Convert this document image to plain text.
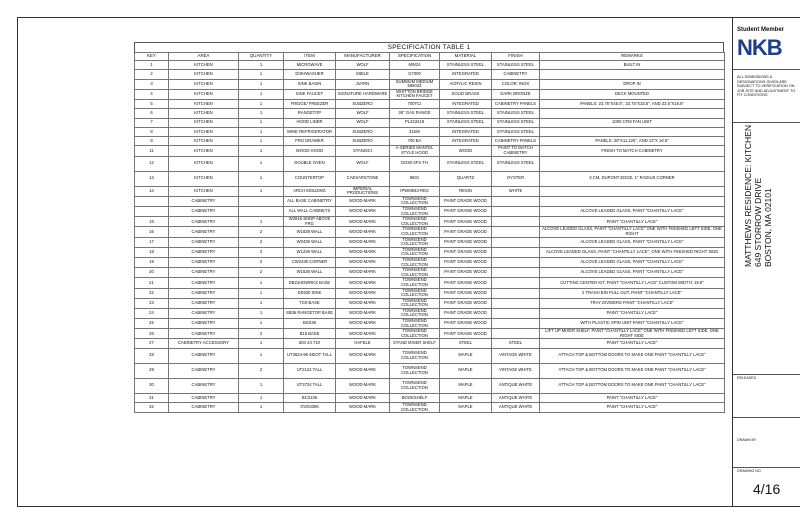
SPECIFICATION TABLE 1
KEY	AREA	QUANTITY	ITEM	MANUFACTURER	SPECIFICATION	MATERIAL	FINISH	REMARKS
1	KITCHEN	1	MICROWAVE	WOLF	MW24	STAINLESS STEEL	STAINLESS STEEL	BUILT IN
2	KITCHEN	1	DISHWASHER	MIELE	G7300	INTEGRATED	CABINETRY	
3	KITCHEN	1	SINK BASIN	JVARN	SUMMUM MEDIUM 565043	ACRYLIC RESIN	COLOR: INOX	DROP IN
4	KITCHEN	1	SINK FAUCET	SIGNATURE HARDWARE	WHITTON BRIDGE KITCHEN FAUCET	SOLID BRASS	DARK BRONZE	DECK MOUNTED
5	KITCHEN	1	FRIDGE/ FREEZER	SUBZERO	700TCI	INTEGRATED	CABINETRY PANELS	PANELS: 23.75"X45.5", 23.75"X33.5", AND 23.5"X16.6"
6	KITCHEN	1	RANGETOP	WOLF	36" GAS RANGE	STAINLESS STEEL	STAINLESS STEEL	
7	KITCHEN	1	HOOD LINER	WOLF	PL343418	STAINLESS STEEL	STAINLESS STEEL	1000 CFM FAN UNIT
8	KITCHEN	1	WINE REFRIGERATOR	SUBZERO	315W	INTEGRATED	STAINLESS STEEL	
9	KITCHEN	1	FRG DRAWER	SUBZERO	700 BA	INTEGRATED	CABINETRY PANELS	PANELS: 26"X11.125", AND 13"X 16.5"
11	KITCHEN	1	WOOD HOOD	STANISCI	A-SERIES MANTEL STYLE HOOD	WOOD	PAINT TO MATCH CABINETRY	FINISH TO MATCH CABINETRY
12	KITCHEN	1	DOUBLE OVEN	WOLF	DO30-2FS-TH	STAINLESS STEEL	STAINLESS STEEL	
13	KITCHEN	1	COUNTERTOP	CAESARSTONE	9601	QUARTZ	OYSTER	3 CM, DUPONT EDGE, 1" RADIUS CORNER
14	KITCHEN	1	ARCH MOLDING	IMPERIAL PRODUCTIONS	IPWM943-RES	RESIN	WHITE	
	CABINETRY		ALL BASE CABINETRY	WOOD-MARK	TOWNSEND COLLECTION	PAINT GRADE WOOD		
	CABINETRY		ALL WALL CABINETS	WOOD-MARK	TOWNSEND COLLECTION	PAINT GRADE WOOD		ALCOVE LEADED GLASS, PAINT "CHANTILLY LACE"
15	CABINETRY	1	W3915-SHDP ABOVE FRG	WOOD-MARK	TOWNSEND COLLECTION	PAINT GRADE WOOD		PAINT "CHANTILLY LACE"
16	CABINETRY	2	W1836 WALL	WOOD-MARK	TOWNSEND COLLECTION	PAINT GRADE WOOD		ALCOVE LEADED GLASS, PAINT "CHANTILLY LACE" ONE WITH FINISHED LEFT SIDE, ONE RIGHT
17	CABINETRY	2	W0436 WALL	WOOD-MARK	TOWNSEND COLLECTION	PAINT GRADE WOOD		ALCOVE LEADED GLASS, PAINT "CHANTILLY LACE"
18	CABINETRY	2	W1236 WALL	WOOD-MARK	TOWNSEND COLLECTION	PAINT GRADE WOOD		ALCOVE LEADED GLASS, PAINT "CHANTILLY LACE", ONE WITH FINISHED RIGHT SIDE
19	CABINETRY	2	CW2436 CORNER	WOOD-MARK	TOWNSEND COLLECTION	PAINT GRADE WOOD		ALCOVE LEADED GLASS, PAINT "CHANTILLY LACE"
20	CABINETRY	2	W1536 WALL	WOOD-MARK	TOWNSEND COLLECTION	PAINT GRADE WOOD		ALCOVE LEADED GLASS, PAINT "CHANTILLY LACE"
21	CABINETRY	1	DB21HDWRKS BASE	WOOD-MARK	TOWNSEND COLLECTION	PAINT GRADE WOOD		CUTTING CENTER KIT, PAINT "CHANTILLY LACE" CUSTOM WIDTH: 19.5"
22	CABINETRY	1	DS530 SINK	WOOD-MARK	TOWNSEND COLLECTION	PAINT GRADE WOOD		2 TRASH BIN PULL OUT, PAINT "CHANTILLY LACE"
23	CABINETRY	1	TG9 BASE	WOOD-MARK	TOWNSEND COLLECTION	PAINT GRADE WOOD		TRAY DIVIDERS PAINT "CHANTILLY LACE"
24	CABINETRY	1	SB36 RANGETOP BASE	WOOD-MARK	TOWNSEND COLLECTION	PAINT GRADE WOOD		PAINT "CHANTILLY LACE"
25	CABINETRY	1	BSS36	WOOD-MARK	TOWNSEND COLLECTION	PAINT GRADE WOOD		WITH PLASTIC SPIN UNIT PAINT "CHANTILLY LACE"
26	CABINETRY	2	B15 BASE	WOOD-MARK	TOWNSEND COLLECTION	PAINT GRADE WOOD		LIFT UP MIXER SHELF, PAINT "CHANTILLY LACE" ONE WITH FINISHED LEFT SIDE, ONE RIGHT SIDE
27	CABINETRY ACCESSORY	1	504 24 710	HAFELE	STAND MIXER SHELF	STEEL	STEEL	PAINT "CHANTILLY LACE"
28	CABINETRY	1	UT3624-96 4EIOT TALL	WOOD-MARK	TOWNSEND COLLECTION	MAPLE	VINTAGE WHITE	ATTACH TOP & BOTTOM DOORS TO MAKE ONE PAINT "CHANTILLY LACE"
29	CABINETRY	2	UT2124 TALL	WOOD-MARK	TOWNSEND COLLECTION	MAPLE	VINTAGE WHITE	ATTACH TOP & BOTTOM DOORS TO MAKE ONE PAINT "CHANTILLY LACE"
30	CABINETRY	1	UT3724 TALL	WOOD-MARK	TOWNSEND COLLECTION	MAPLE	ANTIQUE WHITE	ATTACH TOP & BOTTOM DOORS TO MAKE ONE PAINT "CHANTILLY LACE"
31	CABINETRY	1	BC3136	WOOD-MARK	BOOKSHELF	MAPLE	ANTIQUE WHITE	PAINT "CHANTILLY LACE"
32	CABINETRY	1	OVD3396	WOOD-MARK	TOWNSEND COLLECTION	MAPLE	ANTIQUE WHITE	PAINT "CHANTILLY LACE"
Student Member
NKB
ALL DIMENSIONS & DESIGNATIONS GIVEN ARE SUBJECT TO VERIFICATION ON JOB SITE AND ADJUSTMENT TO FIT CONDITIONS
MATTHEWS RESIDENCE: KITCHEN 649 STORROW DRIVE BOSTON, MA 02101
RELEASED
DRAWN BY
DRAWING NO.
4/16
